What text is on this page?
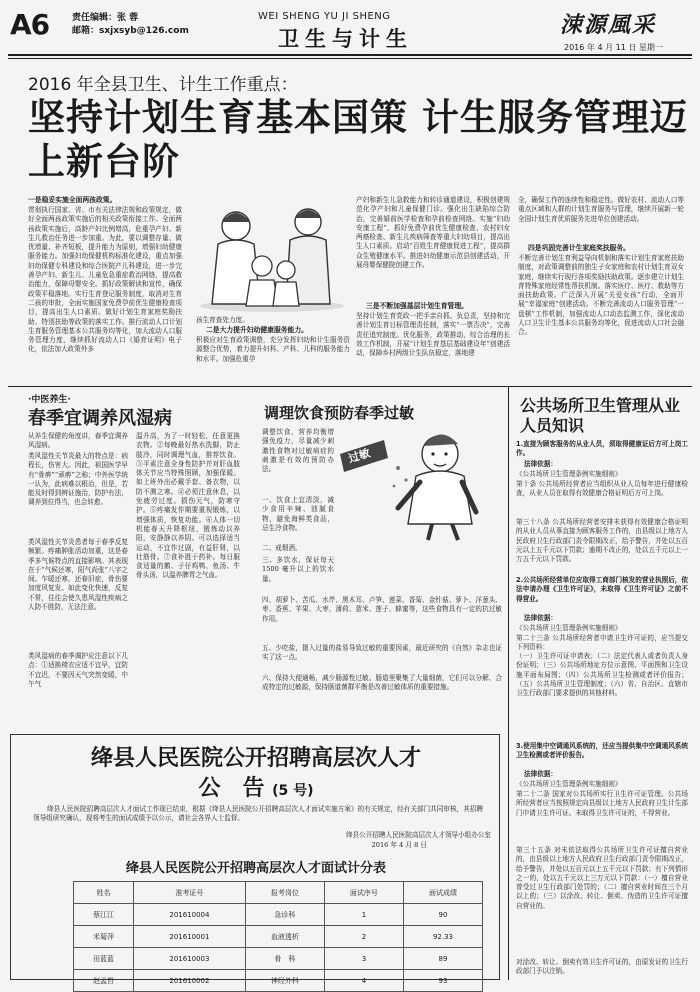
A6	责任编辑：张 蓉
邮箱：sxjxsyb@126.com
WEI SHENG YU JI SHENG
卫生与计生
涑源風采
2016 年 4 月 11 日 星期一
2016 年全县卫生、计生工作重点：
坚持计划生育基本国策 计生服务管理迈上新台阶
一是稳妥实施全面两孩政策。
贯彻执行国家、省、市有关法律法规和政策规定，做好全面两孩政策实施后的相关政策衔接工作。全面两孩政策实施后，高龄产妇比例增高，危重孕产妇、新生儿救治任务进一步加重。为此，要以调整存量、做优增量、补齐短板，提升能力为原则，增强妇幼健康服务能力。加强妇幼保健机构标准化建设，重点加强妇幼保健专科建设和综合医院产儿科建设，进一步完善孕产妇、新生儿、儿童危急重症救治网络，提高救治能力，保障母婴安全。抓好政策解读和宣传，确保政策平稳落地。实行生育登记服务制度，取消对生育二孩的审批，全面实施国家免费孕前优生健康检查项目，提高出生人口素质。做好计划生育家庭奖励扶助、特别扶助等政策的落实工作。推行流动人口计划生育服务管理基本公共服务均等化，加大流动人口服务管理力度，继续抓好流动人口《婚育证明》电子化，依法加大政策外多
孩生育查处力度。
二是大力提升妇幼健康服务能力。
积极应对生育政策调整，充分发挥妇幼和计生服务资源整合优势，着力提升妇科、产科、儿科的服务能力和水平。加强危重孕
产妇和新生儿急救能力和转诊通道建设，积极创建规范化孕产妇和儿童保健门诊。强化出生缺陷综合防治，完善婚前医学检查和孕前检查网络。实施“妇幼安康工程”，抓好免费孕前优生健康检查、农村妇女两癌检查、新生儿疾病筛查等重大妇幼项目，提高出生人口素质。启动“百姓生育健康促进工程”，提高群众生殖健康水平。推进妇幼健康示范县创建活动，开展母婴保健院创建工作。
三是不断加强基层计划生育管理。
坚持计划生育党政一把手亲自抓、负总责，坚持和完善计划生育目标管理责任制，落实“一票否决”，完善责任追究制度。优化服务，政策推动，综合治理的长效工作机制，开展“计划生育基层基础建设年”创建活动，保障乡村两级计生队伍稳定，落地建
全，确保工作的连续性和稳定性。做好农村、流动人口等重点区域和人群的计划生育服务与管理，继续开展新一轮全国计划生育优质服务先进单位创建活动。
四是巩固完善计生家庭奖扶服务。
不断完善计划生育利益导向机制和落实计划生育家庭扶助制度，对政策调整前的独生子女家庭和农村计划生育双女家庭，继续实行现行各项奖励扶助政策。逐步建立计划生育特殊家庭经常性帮扶机制。落实医疗、医疗、救助等方面扶助政策。广泛深入开展“关爱女孩”行动，全面开展“幸福家庭”创建活动。不断完善流动人口服务管理“一盘棋”工作机制，加强流动人口动态监测工作，深化流动人口卫生计生基本公共服务均等化，促进流动人口社会融合。
·中医养生·
春季宜调养风湿病
从养生保健的角度讲，春季宜调养风湿病。
类风湿性关节炎最大的特点是：病程长，伤害大。因此，祖国医学早有“骨痹”“顽痹”之称；中外医学统一认为，此病难以根治，但是，若能及时得到辨证施治，防护有法，调养到位得当，也会转愈。
类风湿性关节炎患者每于春季反复频繁。疼痛肿胀活动加重，这是春季多气候特点的直接影响。其表现在于“气候还寒，阳气尚张”八字之间。乍暖还寒，还春旧症，骨伤要加度风复发。如此变化快速，反复不常，往往会使久患风湿性疾病之人防不胜防，无法注意。
类风湿病的春季调护应注意以下几点：①适换椅衣应适不宜早，宜防不宜迟，不要因天气突然变暖，中午气
温升高，为了一时轻松，任意更换衣物。②每晚最好热水洗脚，防止肢冷，同时调理气血，推荐饮食。③平素注意全身性防护并对肝血肢体关节应当特殊照顾，加强保暖。如上班外出必戴手套、备衣物，以防不测之寒。④必须注意休息，以免疲劳过度。损伤元气，防寒守护。⑤疼痛发作期要重视锻炼，以增强体质，恢复功能。⑥人体一切机能春天升降枢纽，锻炼动以养阳，安静静以养阴。可以选择适当运动，不宜作过剧，有益肝肾，以壮筋骨。⑦食补胜于药补。每日服食适量的鹅、子仔鸡鸭、鱼汤、牛骨头汤，以温养脾胃之气血。
调理饮食预防春季过敏
过敏
调整饮食，营养均衡增强免疫力，尽量减少刺激性食物对过敏病症的刺激是有效的预防办法。
一、饮食上宜清淡，减少食用辛辣、油腻食物，避免海鲜类食品，忌生冷食物。
二、戒烟酒。
三、多饮水，保证每天 1500 毫升以上的饮水量。
四、胡萝卜、苦瓜、水芹、黑木耳、卢笋、莲菜、香菊、金针菇、萝卜、洋葱头、枣、香蕉、苹果、大枣、薄荷、薏米、莲子、蜂蜜等，这些食物具有一定的抗过敏作用。
五、少吃盐，摄入过量的盐易导致过敏的重要因素，最近研究的《自然》杂志也证实了这一点。
六、保持大便通畅，减少肠源性过敏。肠道里聚集了大量细菌，它们可以分解、合成特定的过敏源，保持肠道菌群平衡是改善过敏体质的重要措施。
公共场所卫生管理从业人员知识
1.直接为顾客服务的从业人员，须取得健康证后方可上岗工作。
法律依据：
《公共场所卫生管理条例实施细则》
第十条 公共场所经营者应当组织从业人员每年进行健康检查，从业人员在取得有效健康合格证明后方可上岗。
第三十八条 公共场所经营者安排未获得有效健康合格证明的从业人员从事直接为顾客服务工作的，由县级以上地方人民政府卫生行政部门责令限期改正，给予警告，并处以五百元以上五千元以下罚款；逾期不改正的，处以五千元以上一万五千元以下罚款。
2.公共场所经营单位应取得工商部门核发的营业执照后，依法申请办理《卫生许可证》，未取得《卫生许可证》之前不得营业。
法律依据：
《公共场所卫生管理条例实施细则》
第二十三条 公共场所经营者申请卫生许可证的，应当提交下列资料：
（一）卫生许可证申请表；（二）法定代表人或者负责人身份证明；（三）公共场所地址方位示意图、平面图和卫生设施平面布局图；（四）公共场所卫生检测或者评价报告；（五）公共场所卫生管理制度；（六）省、自治区、直辖市卫生行政部门要求提供的其他材料。
3.使用集中空调通风系统的，还应当提供集中空调通风系统卫生检测或者评价报告。
法律依据：
《公共场所卫生管理条例实施细则》
第二十二条 国家对公共场所实行卫生许可证管理。公共场所经营者应当按照规定向县级以上地方人民政府卫生计生部门申请卫生许可证。未取得卫生许可证的，不得营业。
第三十五条 对未依法取得公共场所卫生许可证擅自营业的，由县级以上地方人民政府卫生行政部门责令限期改正，给予警告，并处以五百元以上五千元以下罚款；有下列情形之一的，处以五千元以上三万元以下罚款：（一）擅自营业曾受过卫生行政部门处罚的；（二）擅自营业时间在三个月以上的；（三）以涂改、转让、倒卖、伪造的卫生许可证擅自营业的。
对涂改、转让、倒卖有效卫生许可证的，由原发证的卫生行政部门予以注销。
绛县人民医院公开招聘高层次人才
公　告 (5 号)
绛县人民医院招聘高层次人才面试工作现已结束，根据《绛县人民医院公开招聘高层次人才面试实施方案》的有关规定，经有关部门共同审核，其招聘领导组研究确认，现将考生的面试成绩予以公示，请社会各界人士监督。
绛县公开招聘人民医院高层次人才领导小组办公室
2016 年 4 月 8 日
绛县人民医院公开招聘高层次人才面试计分表
姓名	准考证号	报考岗位	面试序号	面试成绩
蔡江江	201610004	急诊科	1	90
米菊萍	201610001	血液透析	2	92.33
田蓝蓝	201610003	骨　科	3	89
赵孟哲	201610002	神经外科	4	93
